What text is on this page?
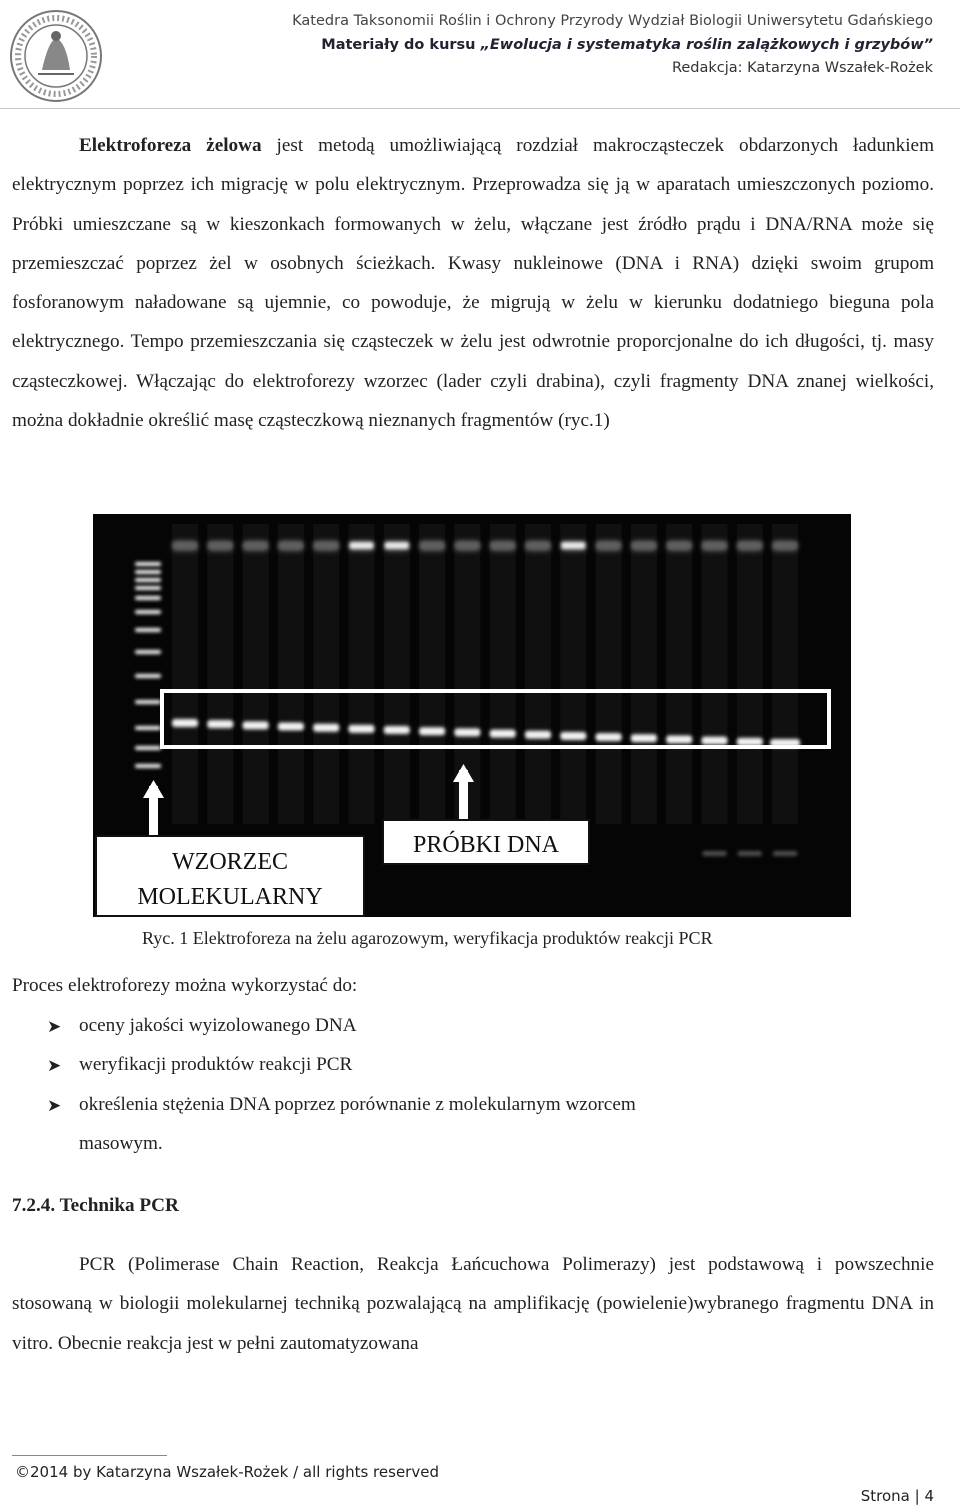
Katedra Taksonomii Roślin i Ochrony Przyrody Wydział Biologii Uniwersytetu Gdańskiego
Materiały do kursu „Ewolucja i systematyka roślin zalążkowych i grzybów”
Redakcja: Katarzyna Wszałek-Rożek
Elektroforeza żelowa jest metodą umożliwiającą rozdział makrocząsteczek obdarzonych ładunkiem elektrycznym poprzez ich migrację w polu elektrycznym. Przeprowadza się ją w aparatach umieszczonych poziomo. Próbki umieszczane są w kieszonkach formowanych w żelu, włączane jest źródło prądu i DNA/RNA może się przemieszczać poprzez żel w osobnych ścieżkach. Kwasy nukleinowe (DNA i RNA) dzięki swoim grupom fosforanowym naładowane są ujemnie, co powoduje, że migrują w żelu w kierunku dodatniego bieguna pola elektrycznego. Tempo przemieszczania się cząsteczek w żelu jest odwrotnie proporcjonalne do ich długości, tj. masy cząsteczkowej. Włączając do elektroforezy wzorzec (lader czyli drabina), czyli fragmenty DNA znanej wielkości, można dokładnie określić masę cząsteczkową nieznanych fragmentów (ryc.1)
WZORZEC
MOLEKULARNY
PRÓBKI DNA
Ryc. 1 Elektroforeza na żelu agarozowym, weryfikacja produktów reakcji PCR
Proces elektroforezy można wykorzystać do:
➤ oceny jakości wyizolowanego DNA
➤ weryfikacji produktów reakcji PCR
➤ określenia stężenia DNA poprzez porównanie z molekularnym wzorcem
masowym.
7.2.4. Technika PCR
PCR (Polimerase Chain Reaction, Reakcja Łańcuchowa Polimerazy) jest podstawową i powszechnie stosowaną w biologii molekularnej techniką pozwalającą na amplifikację (powielenie)wybranego fragmentu DNA in vitro. Obecnie reakcja jest w pełni zautomatyzowana
©2014 by Katarzyna Wszałek-Rożek / all rights reserved
Strona | 4
